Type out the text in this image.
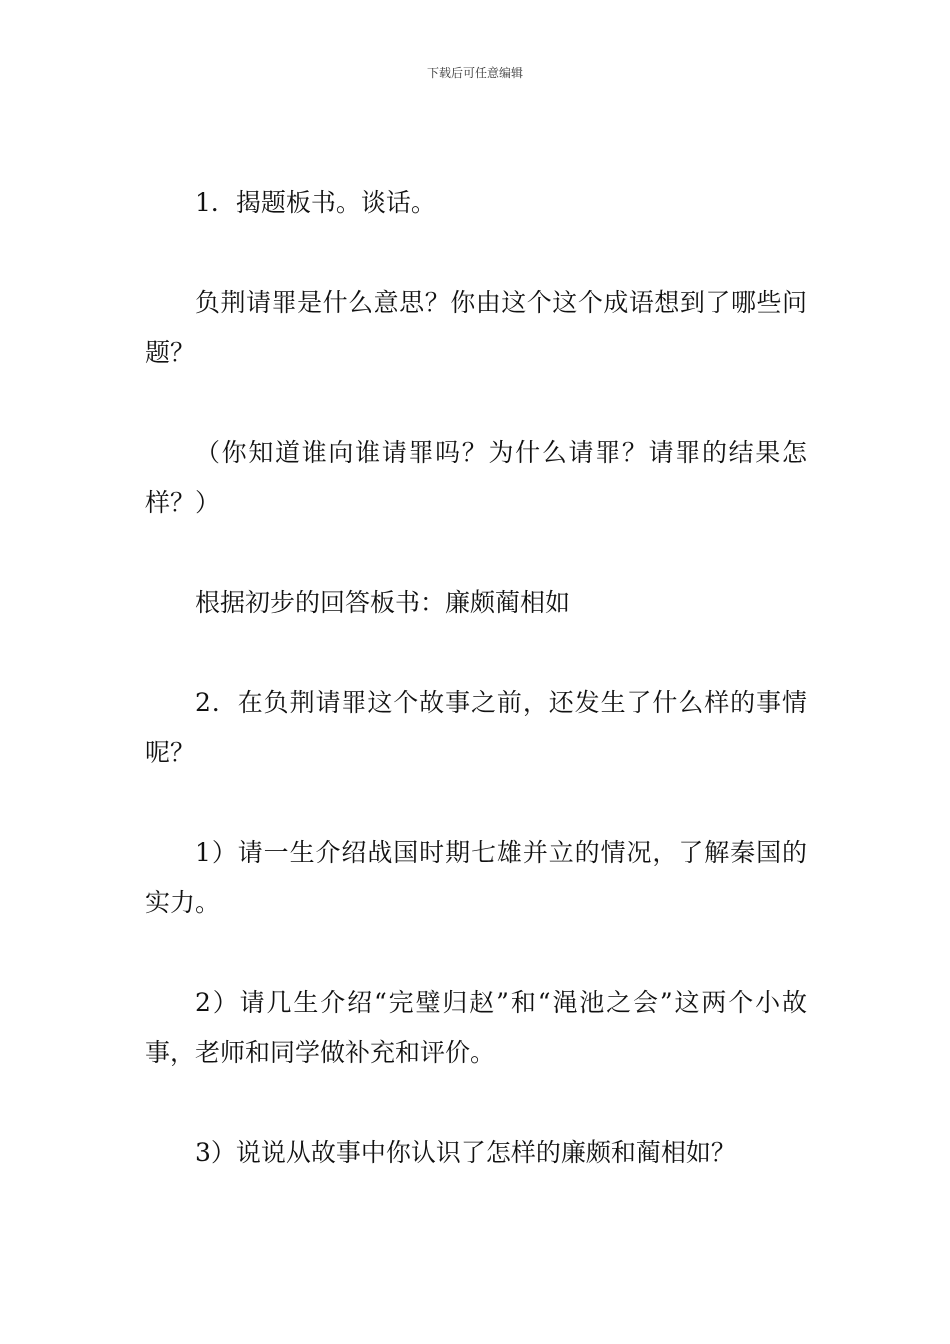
下载后可任意编辑

1．揭题板书。谈话。

负荆请罪是什么意思？你由这个这个成语想到了哪些问题？

（你知道谁向谁请罪吗？为什么请罪？请罪的结果怎样？）

根据初步的回答板书：廉颇蔺相如

2．在负荆请罪这个故事之前，还发生了什么样的事情呢？

1）请一生介绍战国时期七雄并立的情况，了解秦国的实力。

2）请几生介绍“完璧归赵”和“渑池之会”这两个小故事，老师和同学做补充和评价。

3）说说从故事中你认识了怎样的廉颇和蔺相如？
